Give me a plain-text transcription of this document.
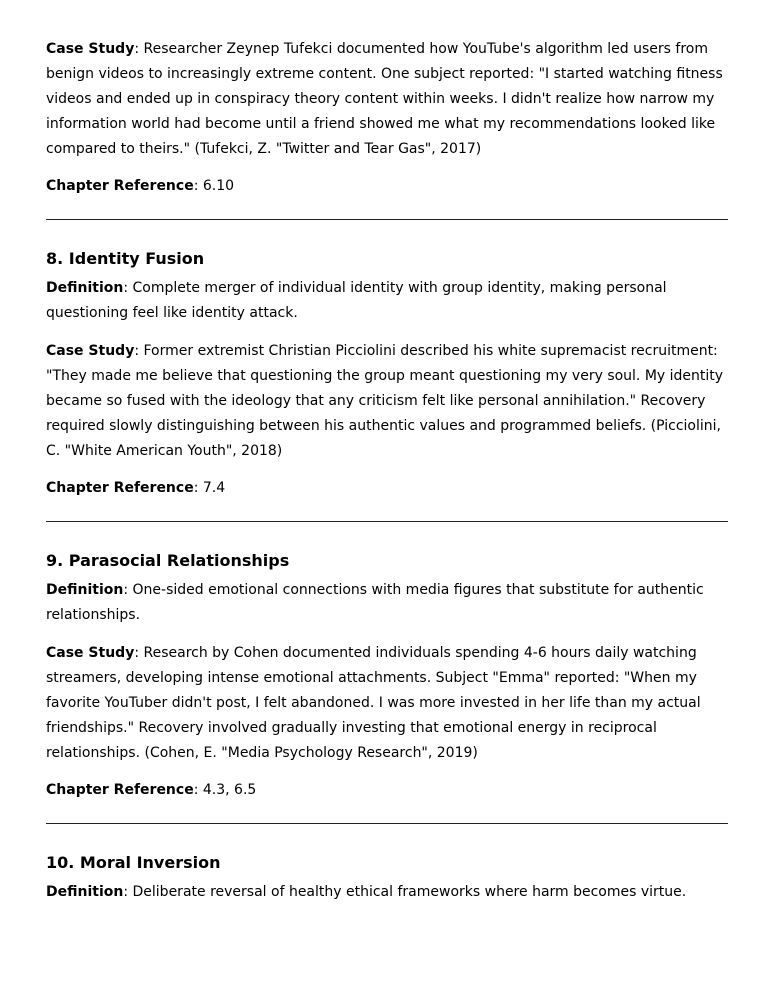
Case Study: Researcher Zeynep Tufekci documented how YouTube's algorithm led users from benign videos to increasingly extreme content. One subject reported: "I started watching fitness videos and ended up in conspiracy theory content within weeks. I didn't realize how narrow my information world had become until a friend showed me what my recommendations looked like compared to theirs." (Tufekci, Z. "Twitter and Tear Gas", 2017)

Chapter Reference: 6.10

8. Identity Fusion

Definition: Complete merger of individual identity with group identity, making personal questioning feel like identity attack.

Case Study: Former extremist Christian Picciolini described his white supremacist recruitment: "They made me believe that questioning the group meant questioning my very soul. My identity became so fused with the ideology that any criticism felt like personal annihilation." Recovery required slowly distinguishing between his authentic values and programmed beliefs. (Picciolini, C. "White American Youth", 2018)

Chapter Reference: 7.4

9. Parasocial Relationships

Definition: One-sided emotional connections with media figures that substitute for authentic relationships.

Case Study: Research by Cohen documented individuals spending 4-6 hours daily watching streamers, developing intense emotional attachments. Subject "Emma" reported: "When my favorite YouTuber didn't post, I felt abandoned. I was more invested in her life than my actual friendships." Recovery involved gradually investing that emotional energy in reciprocal relationships. (Cohen, E. "Media Psychology Research", 2019)

Chapter Reference: 4.3, 6.5

10. Moral Inversion

Definition: Deliberate reversal of healthy ethical frameworks where harm becomes virtue.
